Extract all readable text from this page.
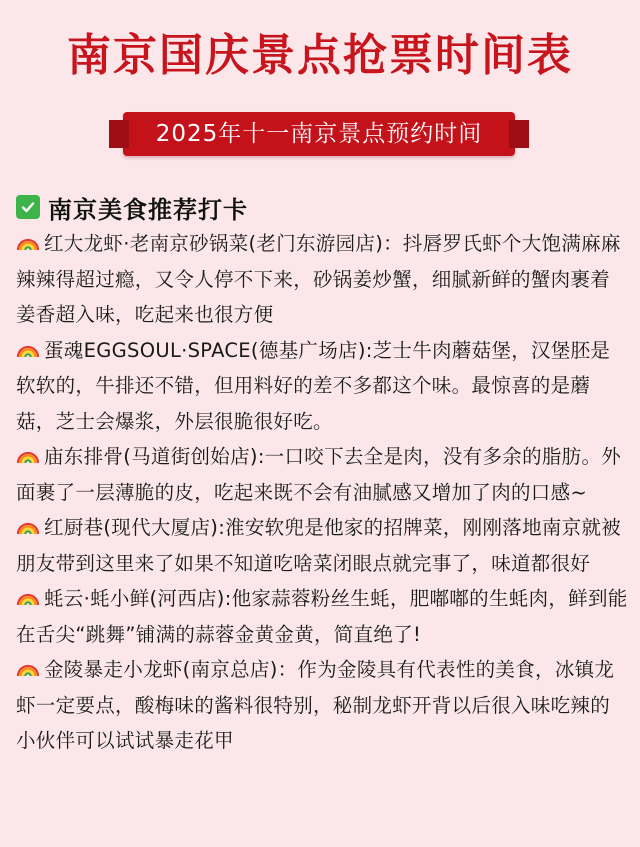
南京国庆景点抢票时间表
2025年十一南京景点预约时间
南京美食推荐打卡

红大龙虾·老南京砂锅菜(老门东游园店)：抖唇罗氏虾个大饱满麻麻辣辣得超过瘾，又令人停不下来，砂锅姜炒蟹，细腻新鲜的蟹肉裹着姜香超入味，吃起来也很方便

蛋魂EGGSOUL·SPACE(德基广场店):芝士牛肉蘑菇堡，汉堡胚是软软的，牛排还不错，但用料好的差不多都这个味。最惊喜的是蘑菇，芝士会爆浆，外层很脆很好吃。

庙东排骨(马道街创始店):一口咬下去全是肉，没有多余的脂肪。外面裹了一层薄脆的皮，吃起来既不会有油腻感又增加了肉的口感~

红厨巷(现代大厦店):淮安软兜是他家的招牌菜，刚刚落地南京就被朋友带到这里来了如果不知道吃啥菜闭眼点就完事了，味道都很好

蚝云·蚝小鲜(河西店):他家蒜蓉粉丝生蚝，肥嘟嘟的生蚝肉，鲜到能在舌尖“跳舞”铺满的蒜蓉金黄金黄，简直绝了!

金陵暴走小龙虾(南京总店)：作为金陵具有代表性的美食，冰镇龙虾一定要点，酸梅味的酱料很特别，秘制龙虾开背以后很入味吃辣的小伙伴可以试试暴走花甲
